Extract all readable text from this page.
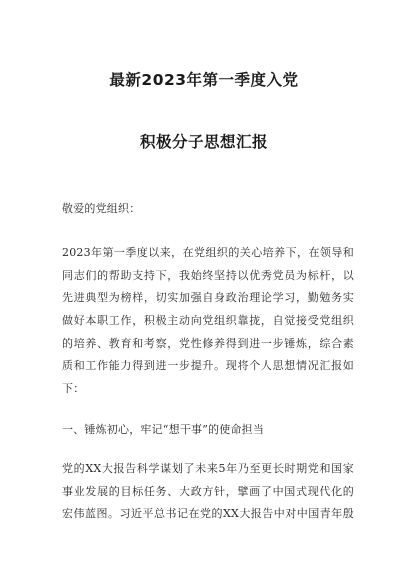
最新2023年第一季度入党
积极分子思想汇报
敬爱的党组织：
2023年第一季度以来，在党组织的关心培养下，在领导和
同志们的帮助支持下，我始终坚持以优秀党员为标杆，以
先进典型为榜样，切实加强自身政治理论学习，勤勉务实
做好本职工作，积极主动向党组织靠拢，自觉接受党组织
的培养、教育和考察，党性修养得到进一步锤炼，综合素
质和工作能力得到进一步提升。现将个人思想情况汇报如
下：
一、锤炼初心，牢记“想干事”的使命担当
党的XX大报告科学谋划了未来5年乃至更长时期党和国家
事业发展的目标任务、大政方针，擘画了中国式现代化的
宏伟蓝图。习近平总书记在党的XX大报告中对中国青年殷
